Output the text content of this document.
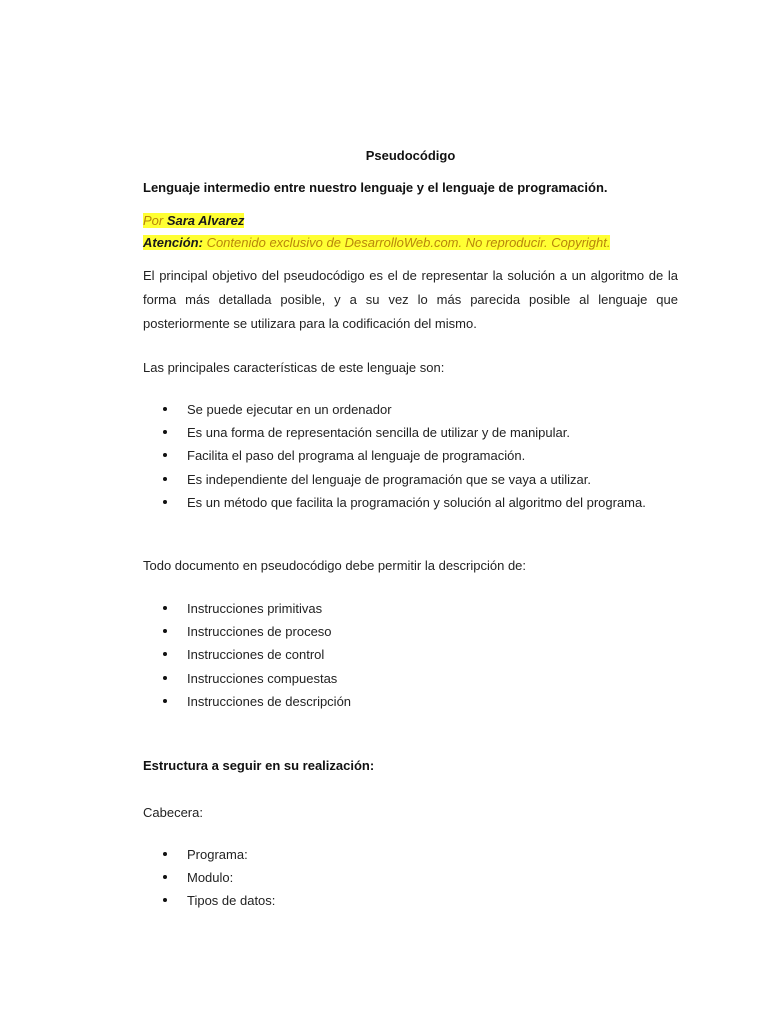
Pseudocódigo
Lenguaje intermedio entre nuestro lenguaje y el lenguaje de programación.
Por Sara Alvarez
Atención: Contenido exclusivo de DesarrolloWeb.com. No reproducir. Copyright.
El principal objetivo del pseudocódigo es el de representar la solución a un algoritmo de la forma más detallada posible, y a su vez lo más parecida posible al lenguaje que posteriormente se utilizara para la codificación del mismo.
Las principales características de este lenguaje son:
Se puede ejecutar en un ordenador
Es una forma de representación sencilla de utilizar y de manipular.
Facilita el paso del programa al lenguaje de programación.
Es independiente del lenguaje de programación que se vaya a utilizar.
Es un método que facilita la programación y solución al algoritmo del programa.
Todo documento en pseudocódigo debe permitir la descripción de:
Instrucciones primitivas
Instrucciones de proceso
Instrucciones de control
Instrucciones compuestas
Instrucciones de descripción
Estructura a seguir en su realización:
Cabecera:
Programa:
Modulo:
Tipos de datos:
